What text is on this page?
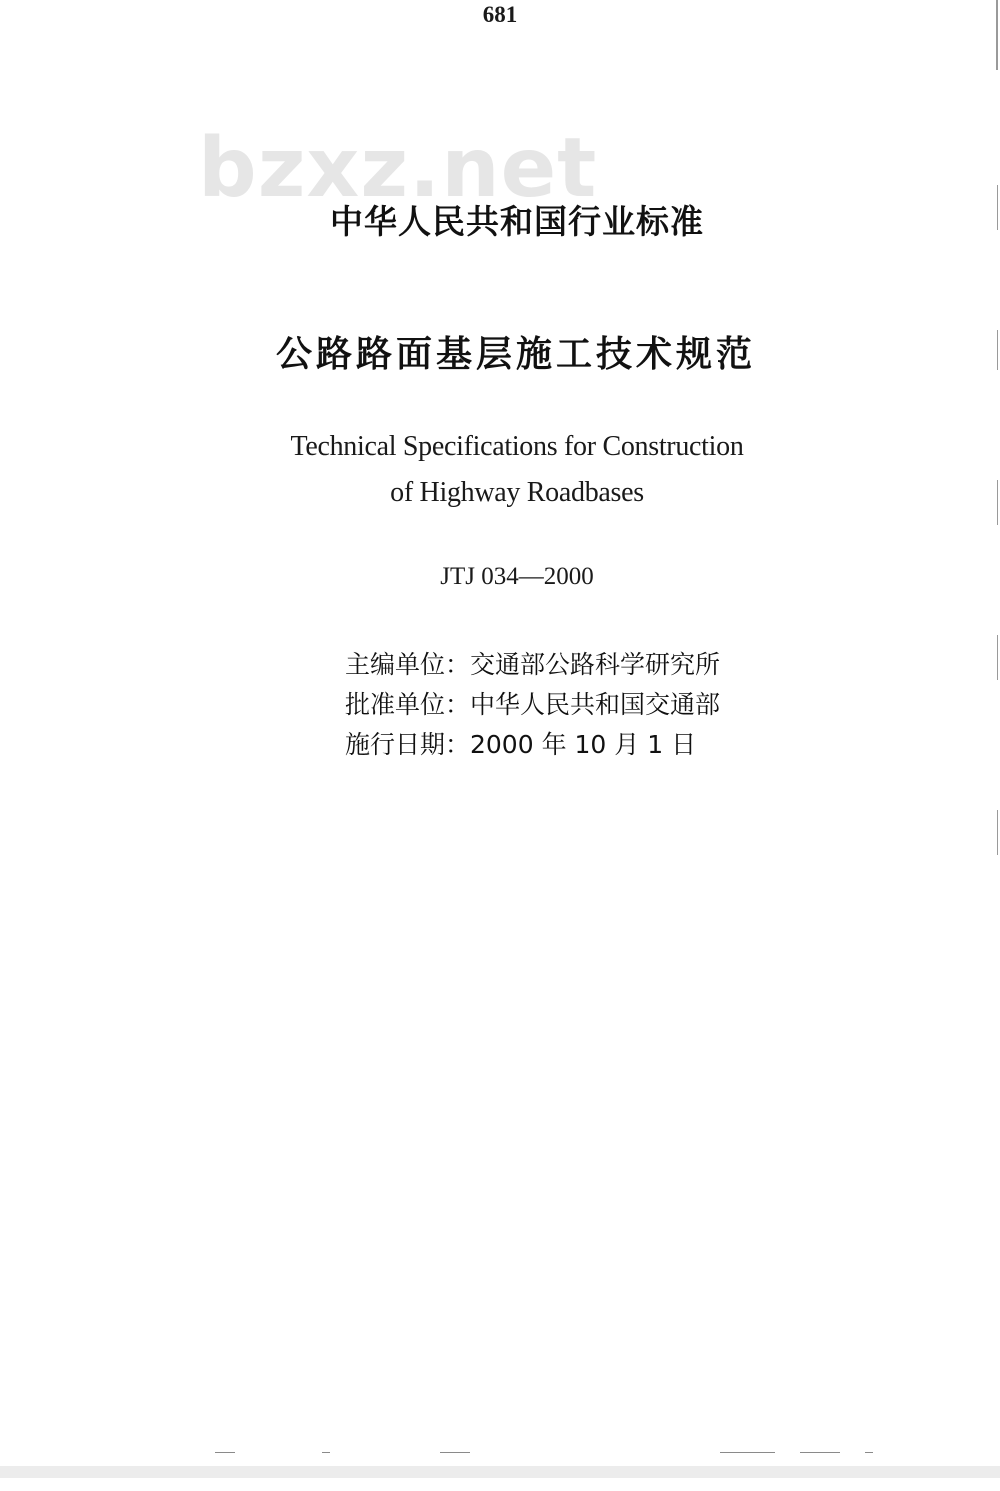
681
bzxz.net
中华人民共和国行业标准
公路路面基层施工技术规范
Technical Specifications for Construction
of Highway Roadbases
JTJ 034—2000
主编单位：交通部公路科学研究所
批准单位：中华人民共和国交通部
施行日期：2000 年 10 月 1 日
